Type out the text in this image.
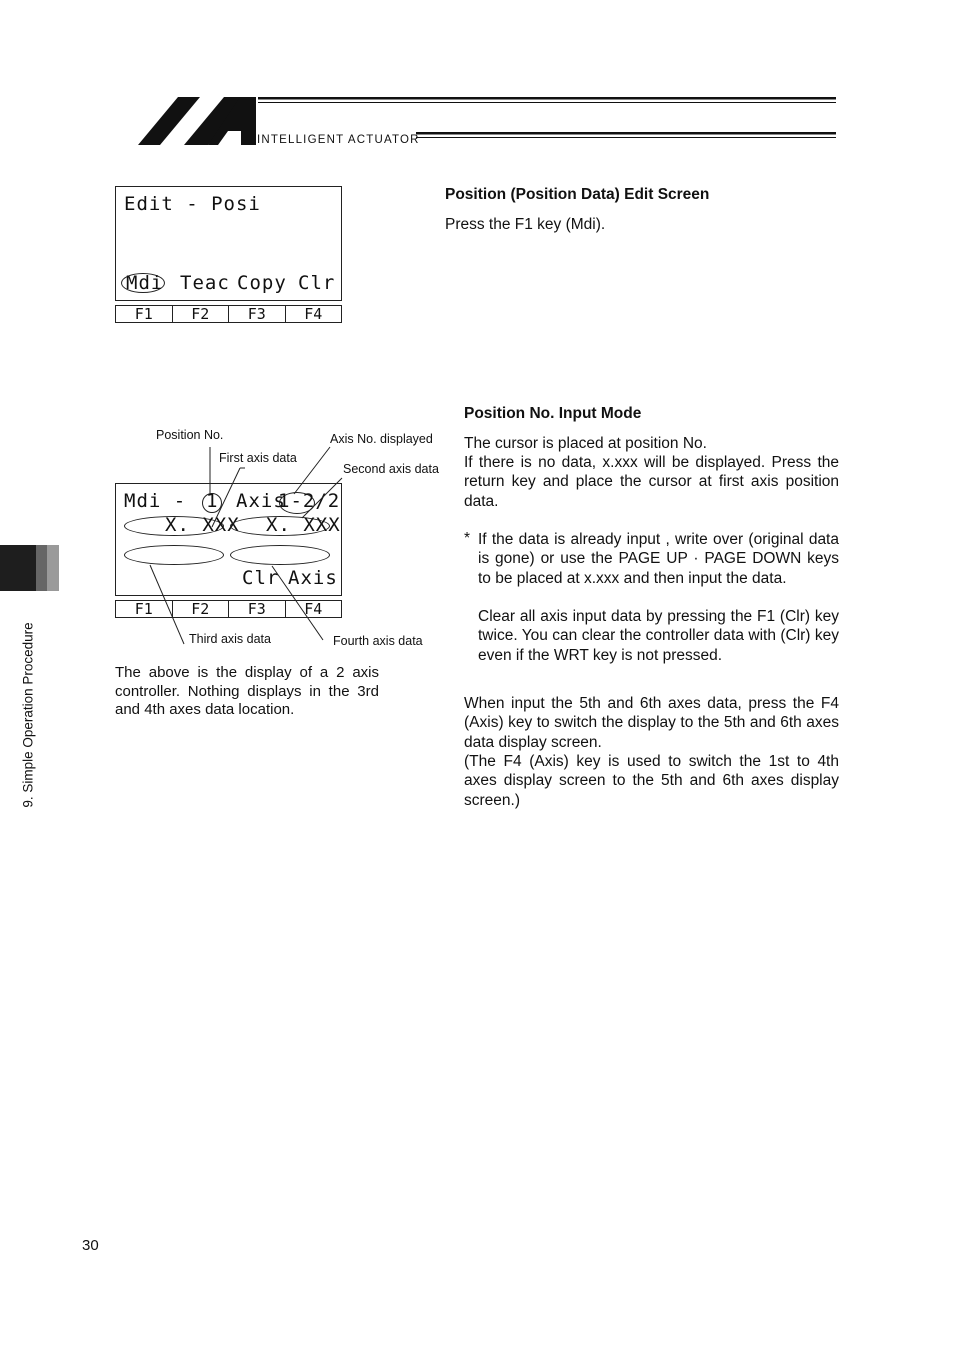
INTELLIGENT ACTUATOR
9. Simple Operation Procedure
Edit - Posi
Mdi Teac Copy Clr
F1	F2	F3	F4
Position (Position Data) Edit Screen
Press the F1 key (Mdi).
Mdi - 1 Axis
1-2/2
X. XXX X. XXX
Clr Axis
F1	F2	F3	F4
Position No.	Axis No. displayed
First axis data
Second axis data
Third axis data	Fourth axis data
The above is the display of a 2 axis controller. Nothing displays in the 3rd and 4th axes data location.
Position No. Input Mode
The cursor is placed at position No.
If there is no data, x.xxx will be displayed. Press the return key and place the cursor at first axis position data.
* If the data is already input , write over (original data is gone) or use the PAGE UP · PAGE DOWN keys to be placed at x.xxx and then input the data.
Clear all axis input data by pressing the F1 (Clr) key twice. You can clear the controller data with (Clr) key even if the WRT key is not pressed.
When input the 5th and 6th axes data, press the F4 (Axis) key to switch the display to the 5th and 6th axes data display screen.
(The F4 (Axis) key is used to switch the 1st to 4th axes display screen to the 5th and 6th axes display screen.)
30
